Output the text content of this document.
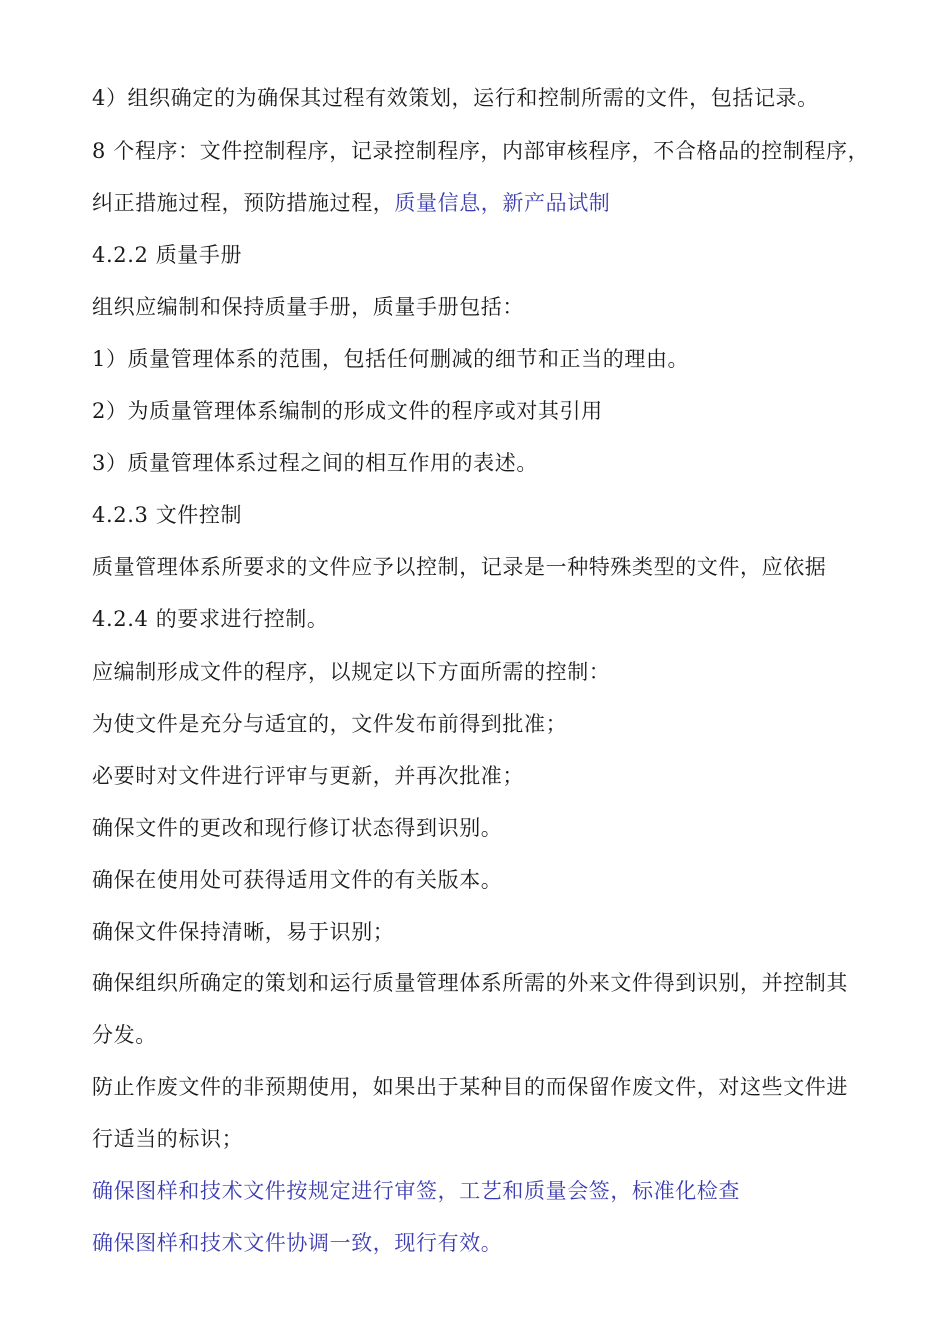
4）组织确定的为确保其过程有效策划，运行和控制所需的文件，包括记录。
8 个程序：文件控制程序，记录控制程序，内部审核程序，不合格品的控制程序，
纠正措施过程，预防措施过程，质量信息，新产品试制
4.2.2 质量手册
组织应编制和保持质量手册，质量手册包括：
1）质量管理体系的范围，包括任何删减的细节和正当的理由。
2）为质量管理体系编制的形成文件的程序或对其引用
3）质量管理体系过程之间的相互作用的表述。
4.2.3 文件控制
质量管理体系所要求的文件应予以控制，记录是一种特殊类型的文件，应依据
4.2.4 的要求进行控制。
应编制形成文件的程序，以规定以下方面所需的控制：
为使文件是充分与适宜的，文件发布前得到批准；
必要时对文件进行评审与更新，并再次批准；
确保文件的更改和现行修订状态得到识别。
确保在使用处可获得适用文件的有关版本。
确保文件保持清晰，易于识别；
确保组织所确定的策划和运行质量管理体系所需的外来文件得到识别，并控制其
分发。
防止作废文件的非预期使用，如果出于某种目的而保留作废文件，对这些文件进
行适当的标识；
确保图样和技术文件按规定进行审签，工艺和质量会签，标准化检查
确保图样和技术文件协调一致，现行有效。
